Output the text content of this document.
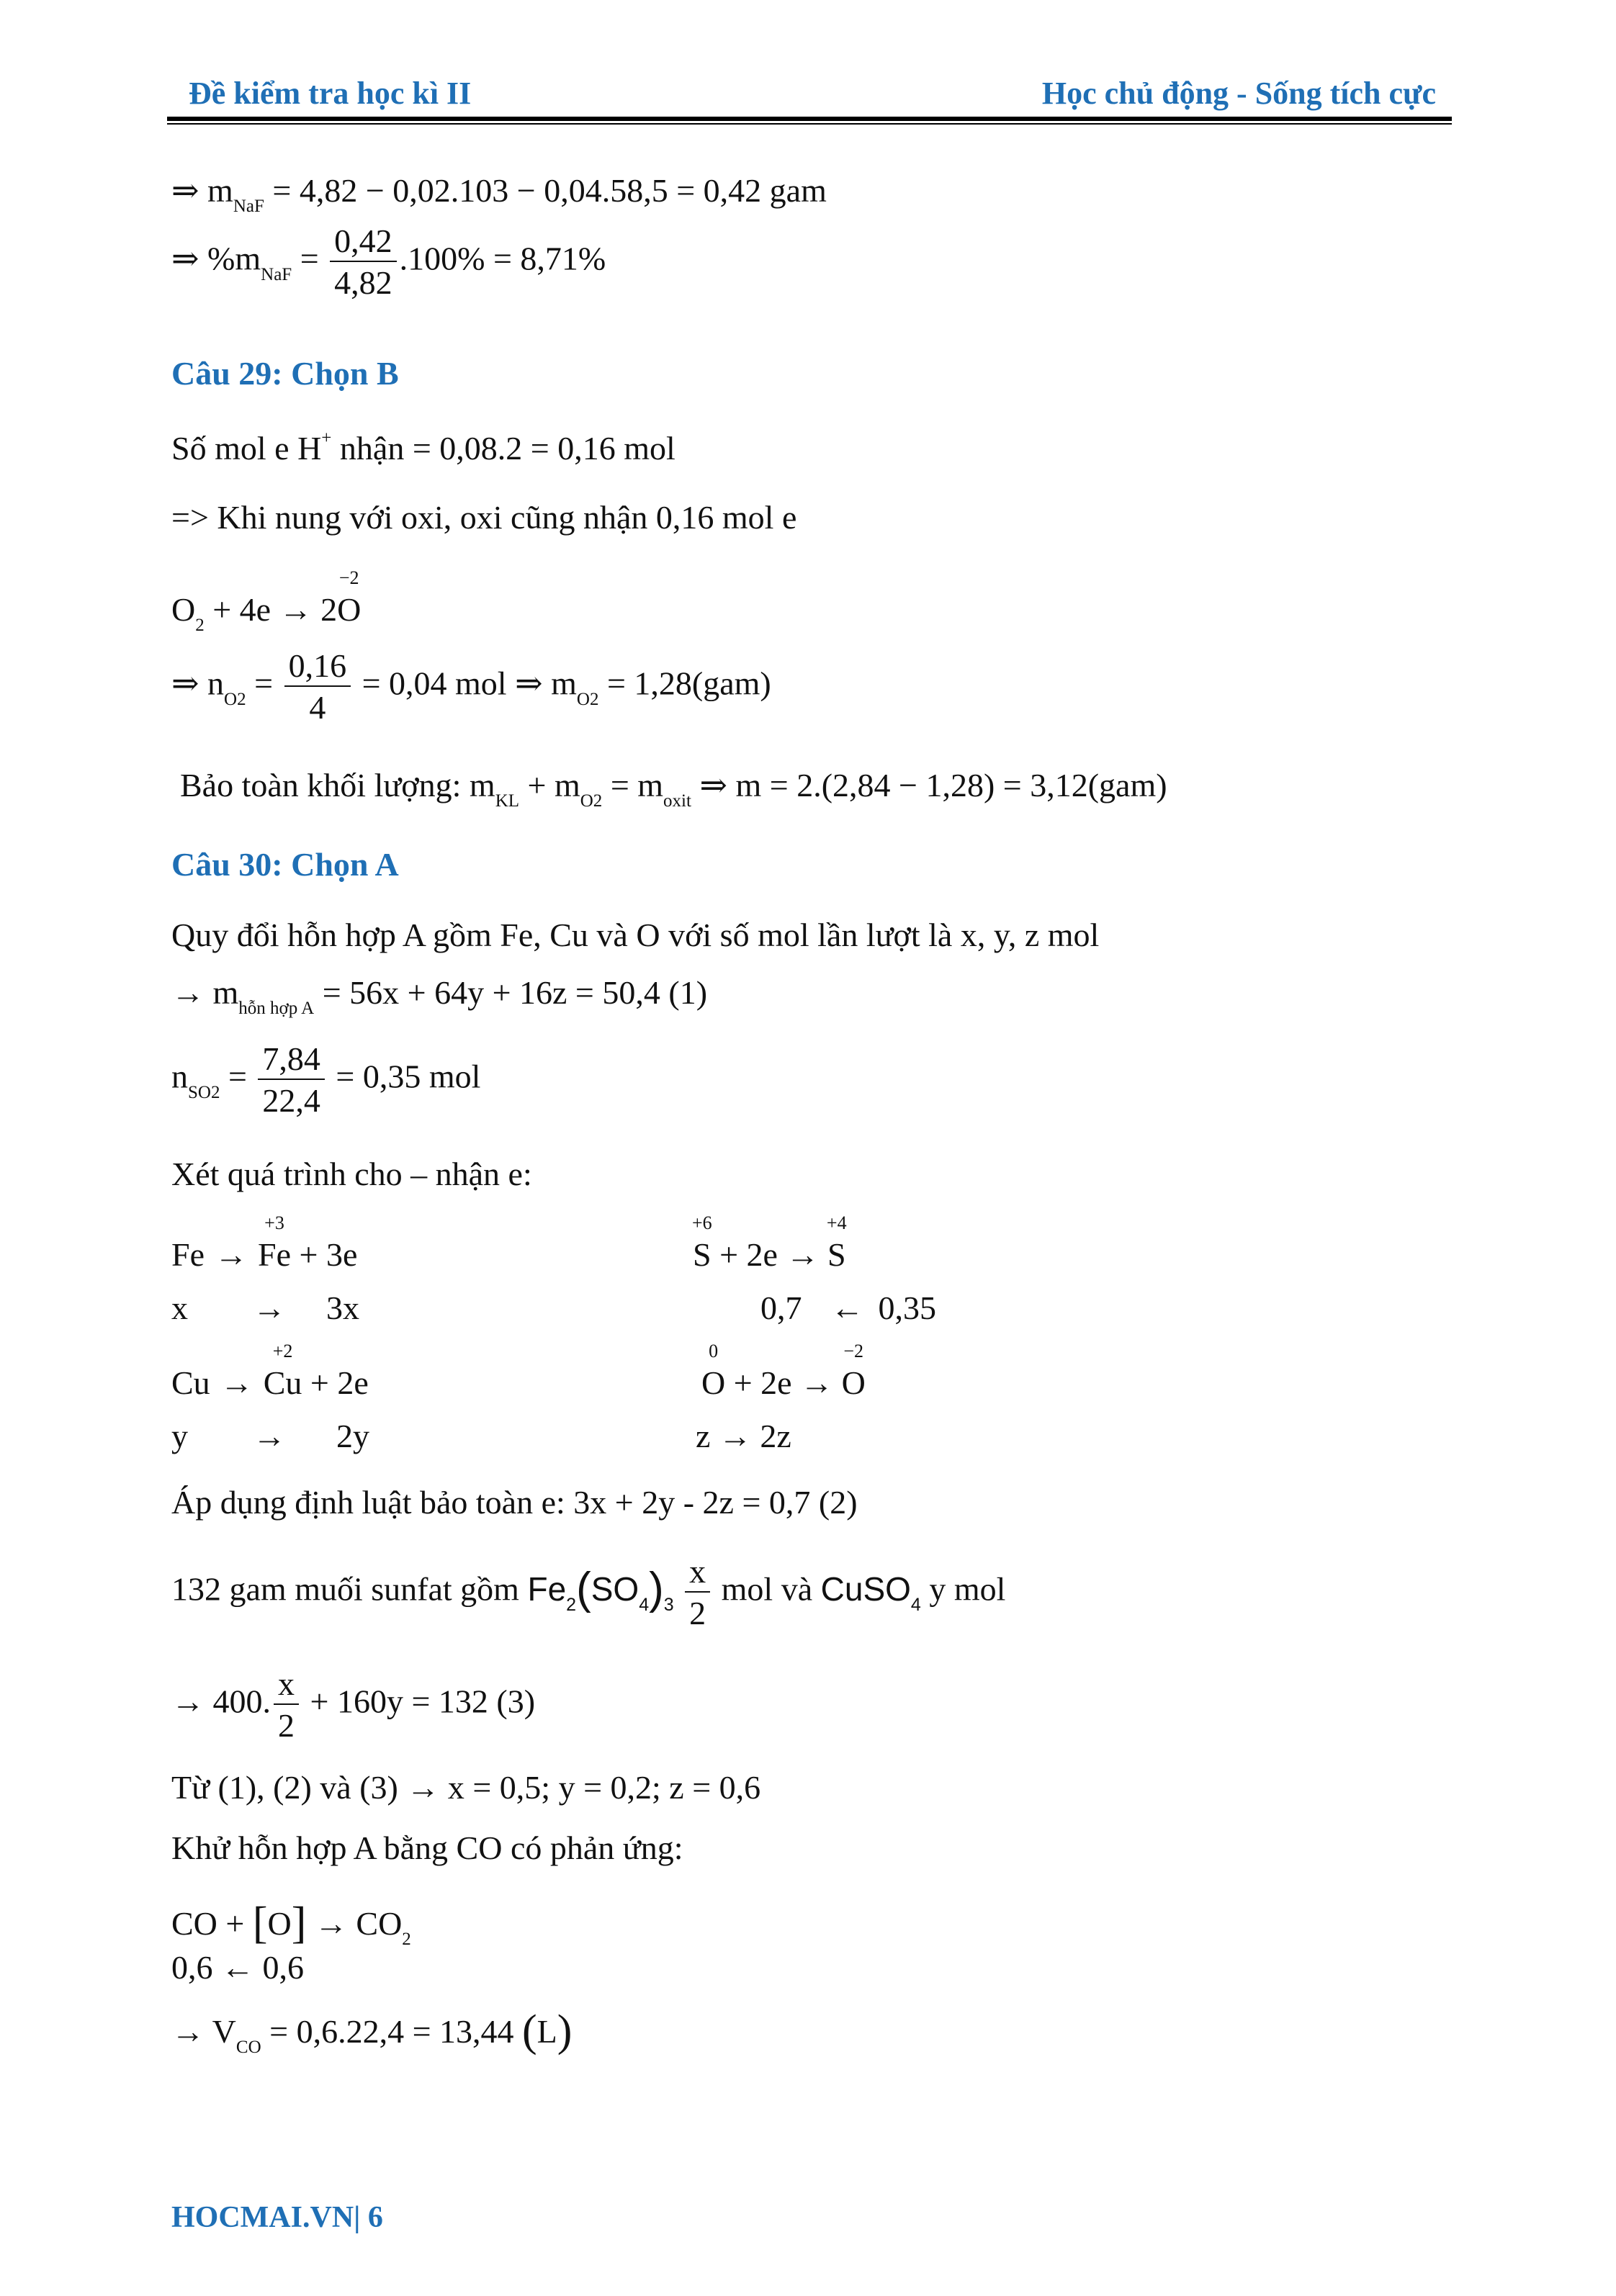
Đề kiểm tra học kì II	Học chủ động - Sống tích cực
⇒ $m_{NaF} = 4,82 - 0,02.103 - 0,04.58,5 = 0,42$ gam
⇒ $\%m_{NaF} = \frac{0,42}{4,82} .100\% = 8,71\%$
Câu 29: Chọn B
Số mol e H+ nhận = 0,08.2 = 0,16 mol
=> Khi nung với oxi, oxi cũng nhận 0,16 mol e
$O_2 + 4e \to 2$
−2
O
⇒ $n_{O2} = \frac{0,16}{4} = 0,04$ mol ⇒ $m_{O2} = 1,28(gam)$
Bảo toàn khối lượng: $m_{KL} + m_{O2} = m_{oxit}$ ⇒ m = 2.(2,84 − 1,28) = 3,12(gam)
Câu 30: Chọn A
Quy đổi hỗn hợp A gồm Fe, Cu và O với số mol lần lượt là x, y, z mol
→ $m_{hỗn hợp A} = 56x + 64y + 16z = 50,4$ (1)
$n_{SO2} = \frac{7,84}{22,4} = 0,35$ mol
Xét quá trình cho – nhận e:
Fe →
+3
Fe + 3e
x → 3x
+6
S + 2e →
+4
S
0,7 ← 0,35
Cu →
+2
Cu + 2e
y → 2y
0
O + 2e →
−2
O
z → 2z
Áp dụng định luật bảo toàn e: 3x + 2y - 2z = 0,7 (2)
132 gam muối sunfat gồm $Fe_2(SO_4)_3 \frac{x}{2}$ mol và CuSO$_4$ y mol
→ 400. $\frac{x}{2} + 160y = 132$ (3)
Từ (1), (2) và (3) → x = 0,5; y = 0,2; z = 0,6
Khử hỗn hợp A bằng CO có phản ứng:
CO + $[O] \to CO_2$
0,6 ← 0,6
→ $V_{CO} = 0,6.22,4 = 13,44$ (L)
HOCMAI.VN| 6
